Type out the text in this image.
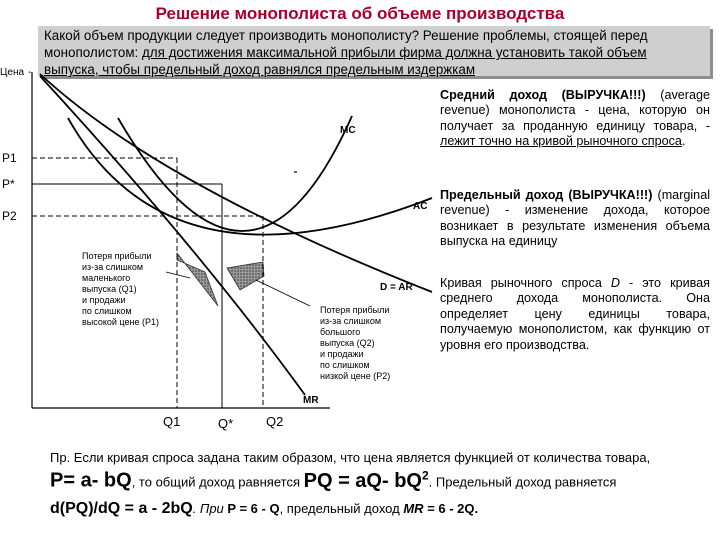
Решение монополиста об объеме производства
Какой объем продукции следует производить монополисту? Решение проблемы, стоящей перед монополистом: для достижения максимальной прибыли фирма должна установить такой объем выпуска, чтобы предельный доход равнялся предельным издержкам
Цена -
P1
P*
P2
Q1	Q*	Q2
MC
AC
D = AR
MR
Потеря прибыли
из-за слишком
маленького
выпуска (Q1)
и продажи
по слишком
высокой цене (P1)
Потеря прибыли
из-за слишком
большого
выпуска (Q2)
и продажи
по слишком
низкой цене (P2)
Средний доход (ВЫРУЧКА!!!) (average revenue) монополиста - цена, которую он получает за проданную единицу товара, - лежит точно на кривой рыночного спроса.
Предельный доход (ВЫРУЧКА!!!) (marginal revenue) - изменение дохода, которое возникает в результате изменения объема выпуска на единицу
Кривая рыночного спроса D - это кривая среднего дохода монополиста. Она определяет цену единицы товара, получаемую монополистом, как функцию от уровня его производства.
Пр. Если кривая спроса задана таким образом, что цена является функцией от количества товара,
P= a- bQ, то общий доход равняется PQ = aQ- $bQ^2$. Предельный доход равняется
d(PQ)/dQ = a - 2bQ. При P = 6 - Q, предельный доход MR = 6 - 2Q.
